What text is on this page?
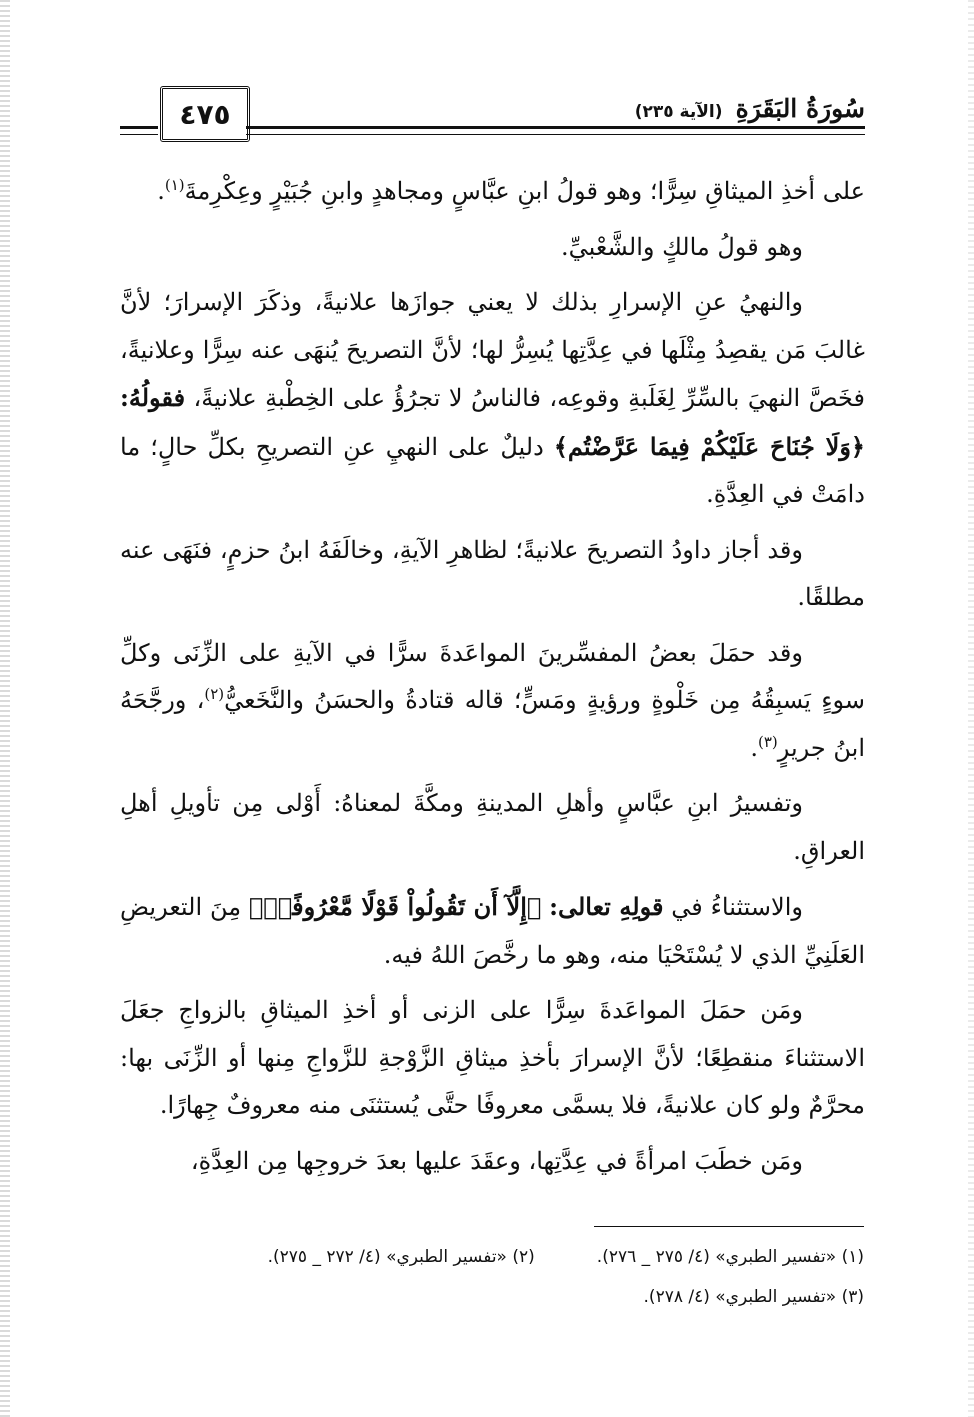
سُورَةُ البَقَرَةِ (الآية ٢٣٥)
٤٧٥

على أخذِ الميثاقِ سِرًّا؛ وهو قولُ ابنِ عبَّاسٍ ومجاهدٍ وابنِ جُبَيْرٍ وعِكْرِمةَ$^{(١)}$.

وهو قولُ مالكٍ والشَّعْبيِّ.

والنهيُ عنِ الإسرارِ بذلك لا يعني جوازَها علانيةً، وذكَرَ الإسرارَ؛ لأنَّ غالبَ مَن يقصِدُ مِثْلَها في عِدَّتِها يُسِرُّ لها؛ لأنَّ التصريحَ يُنهَى عنه سِرًّا وعلانيةً، فخَصَّ النهيَ بالسِّرِّ لِغَلَبةِ وقوعِه، فالناسُ لا تجرُؤُ على الخِطْبةِ علانيةً، فقولُهُ: ﴿وَلَا جُنَاحَ عَلَيْكُمْ فِيمَا عَرَّضْتُم﴾ دليلٌ على النهيِ عنِ التصريحِ بكلِّ حالٍ؛ ما دامَتْ في العِدَّةِ.

وقد أجاز داودُ التصريحَ علانيةً؛ لظاهرِ الآيةِ، وخالَفَهُ ابنُ حزمٍ، فنَهَى عنه مطلقًا.

وقد حمَلَ بعضُ المفسِّرينَ المواعَدةَ سرًّا في الآيةِ على الزِّنَى وكلِّ سوءٍ يَسبِقُهُ مِن خَلْوةٍ ورؤيةٍ ومَسٍّ؛ قاله قتادةُ والحسَنُ والنَّخَعيُّ$^{(٢)}$، ورجَّحَهُ ابنُ جريرٍ$^{(٣)}$.

وتفسيرُ ابنِ عبَّاسٍ وأهلِ المدينةِ ومكَّةَ لمعناهُ: أَوْلى مِن تأويلِ أهلِ العراقِ.

والاستثناءُ في قولِهِ تعالى: ﴿إِلَّآ أَن تَقُولُواْ قَوْلًا مَّعْرُوفًاۚ﴾ مِنَ التعريضِ العَلَنِيِّ الذي لا يُسْتَحْيَا منه، وهو ما رخَّصَ اللهُ فيه.

ومَن حمَلَ المواعَدةَ سِرًّا على الزنى أو أخذِ الميثاقِ بالزواجِ جعَلَ الاستثناءَ منقطِعًا؛ لأنَّ الإسرارَ بأخذِ ميثاقِ الزَّوْجةِ للزَّواجِ مِنها أو الزِّنَى بها: محرَّمٌ ولو كان علانيةً، فلا يسمَّى معروفًا حتَّى يُستثنَى منه معروفٌ جِهارًا.

ومَن خطَبَ امرأةً في عِدَّتِها، وعقَدَ عليها بعدَ خروجِها مِن العِدَّةِ،

(١) «تفسير الطبري» (٤/ ٢٧٥ _ ٢٧٦).
(٢) «تفسير الطبري» (٤/ ٢٧٢ _ ٢٧٥).
(٣) «تفسير الطبري» (٤/ ٢٧٨).
